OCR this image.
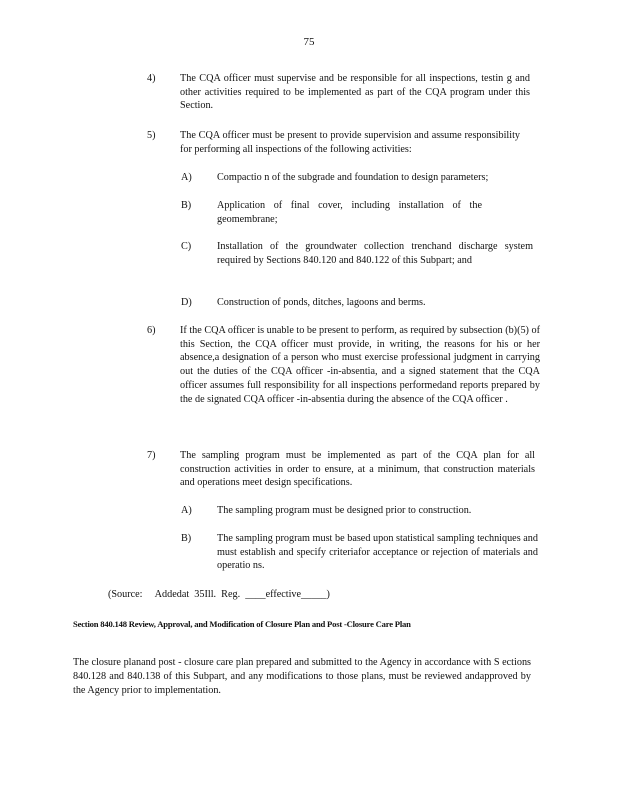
75
4) The CQA officer must supervise and be responsible for all inspections, testin g and other activities required to be implemented as part of the CQA program under this Section.
5) The CQA officer must be present to provide supervision and assume responsibility for performing all inspections of the following activities:
A) Compactio n of the subgrade and foundation to design parameters;
B)	Application of final cover, including installation of the geomembrane;
C)	Installation of the groundwater collection trenchand discharge system required by Sections 840.120 and 840.122 of this Subpart; and
D) Construction of ponds, ditches, lagoons and berms.
6) If the CQA officer is unable to be present to perform, as required by subsection (b)(5) of this Section, the CQA officer must provide, in writing, the reasons for his or her absence,a designation of a person who must exercise professional judgment in carrying out the duties of the CQA officer -in-absentia, and a signed statement that the CQA officer assumes full responsibility for all inspections performedand reports prepared by the de signated CQA officer -in-absentia during the absence of the CQA officer .
7) The sampling program must be implemented as part of the CQA plan for all construction activities in order to ensure, at a minimum, that construction materials and operations meet design specifications.
A) The sampling program must be designed prior to construction.
B)	The sampling program must be based upon statistical sampling techniques and must establish and specify criteriafor acceptance or rejection of materials and operatio ns.
(Source:     Addedat  35Ill.  Reg.  ____effective_____)
Section 840.148 Review, Approval, and Modification of Closure Plan and Post -Closure Care Plan
The closure planand post - closure care plan prepared and submitted to the Agency in accordance with S ections 840.128 and 840.138 of this Subpart, and any modifications to those plans, must be reviewed andapproved by the Agency prior to implementation.
